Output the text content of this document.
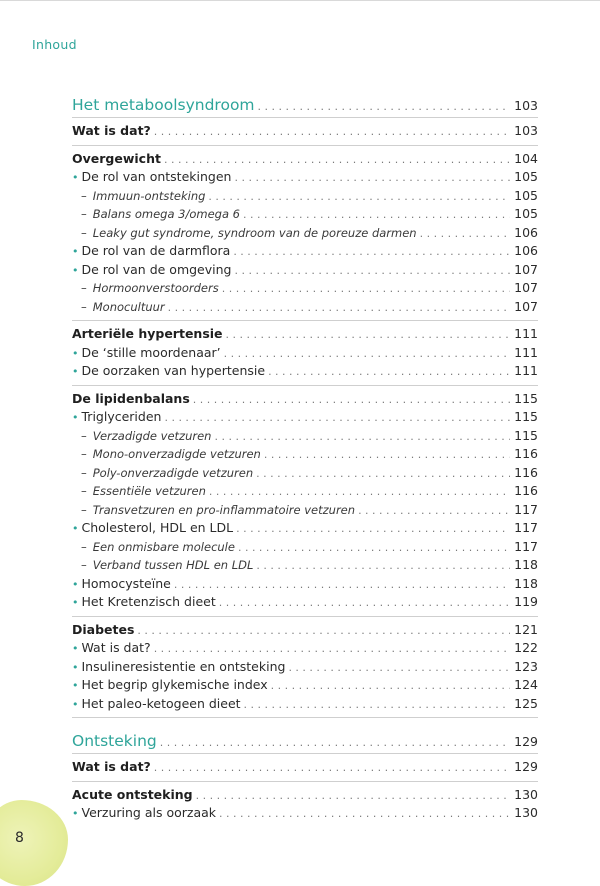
Inhoud
Het metaboolsyndroom . . .	103
Wat is dat? . . .	103
Overgewicht . . .	104
• De rol van ontstekingen . . .	105
– Immuun-ontsteking . . .	105
– Balans omega 3/omega 6 . . .	105
– Leaky gut syndrome, syndroom van de poreuze darmen . . .	106
• De rol van de darmflora . . .	106
• De rol van de omgeving . . .	107
– Hormoonverstoorders . . .	107
– Monocultuur . . .	107
Arteriële hypertensie . . .	111
• De ‘stille moordenaar’ . . .	111
• De oorzaken van hypertensie . . .	111
De lipidenbalans . . .	115
• Triglyceriden . . .	115
– Verzadigde vetzuren . . .	115
– Mono-onverzadigde vetzuren . . .	116
– Poly-onverzadigde vetzuren . . .	116
– Essentiële vetzuren . . .	116
– Transvetzuren en pro-inflammatoire vetzuren . . .	117
• Cholesterol, HDL en LDL . . .	117
– Een onmisbare molecule . . .	117
– Verband tussen HDL en LDL . . .	118
• Homocysteïne . . .	118
• Het Kretenzisch dieet . . .	119
Diabetes . . .	121
• Wat is dat? . . .	122
• Insulineresistentie en ontsteking . . .	123
• Het begrip glykemische index . . .	124
• Het paleo-ketogeen dieet . . .	125
Ontsteking . . .	129
Wat is dat? . . .	129
Acute ontsteking . . .	130
• Verzuring als oorzaak . . .	130
8
